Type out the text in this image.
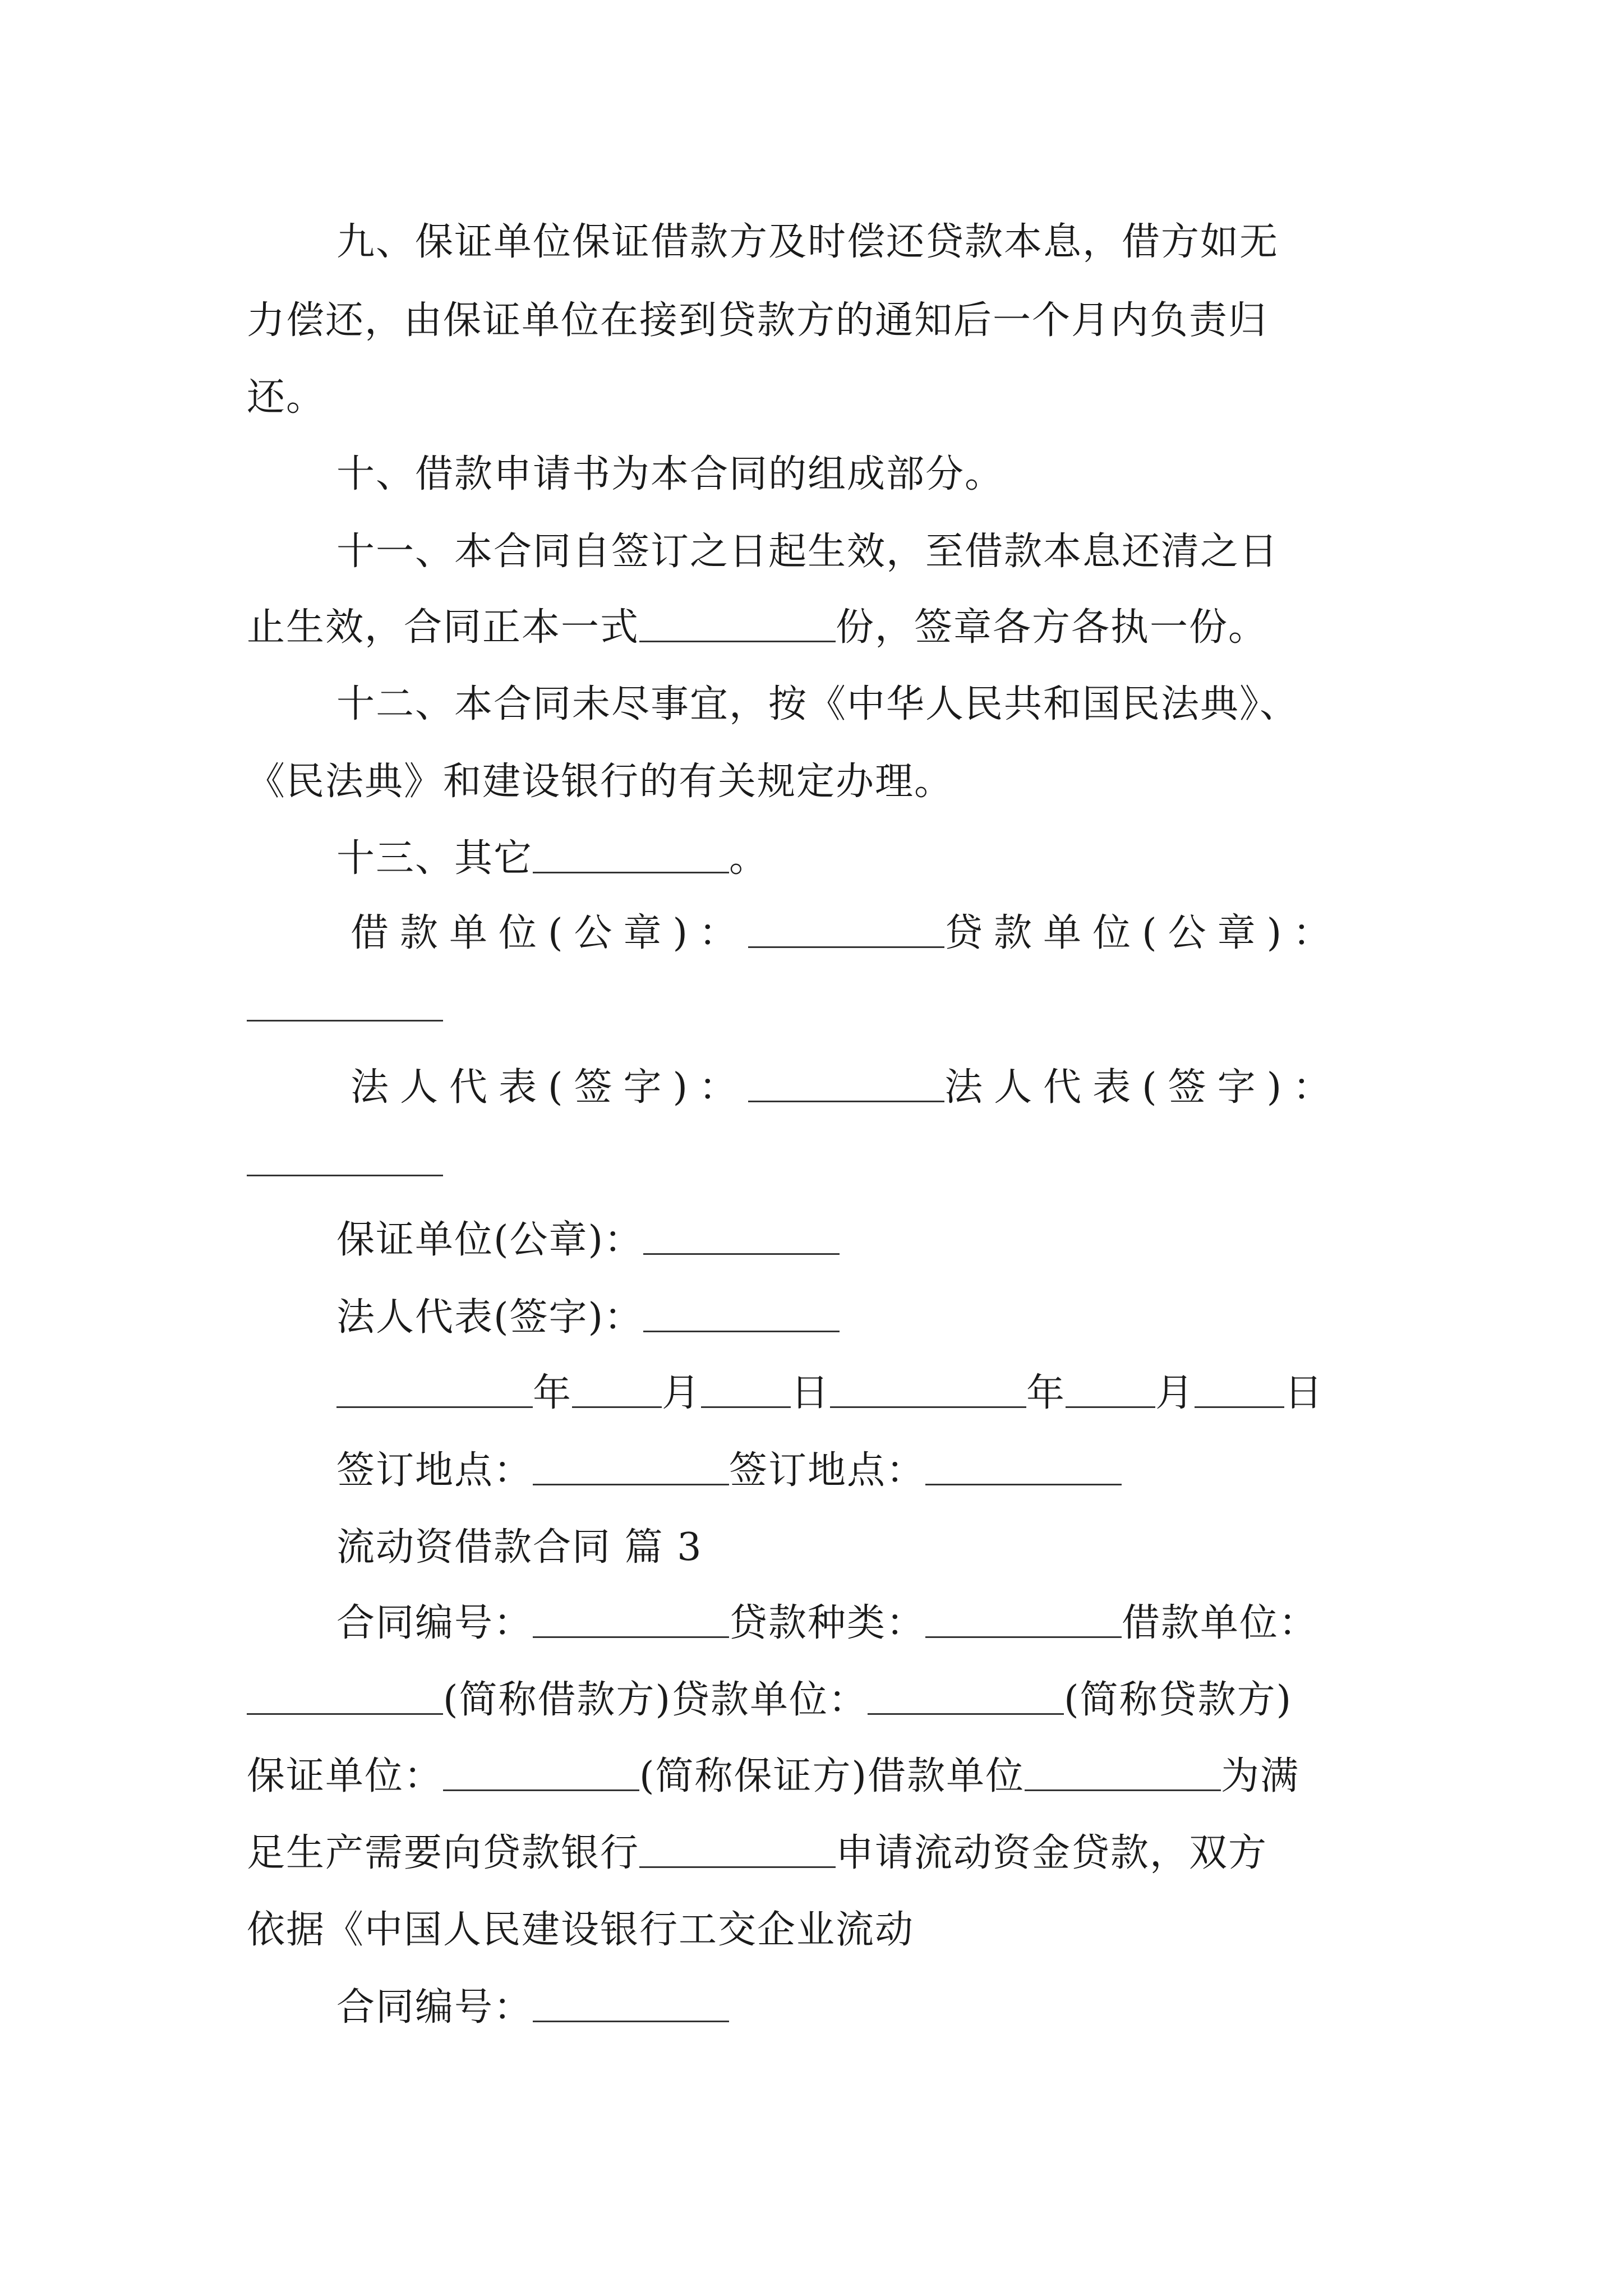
九、保证单位保证借款方及时偿还贷款本息，借方如无
力偿还，由保证单位在接到贷款方的通知后一个月内负责归
还。
十、借款申请书为本合同的组成部分。
十一、本合同自签订之日起生效，至借款本息还清之日
止生效，合同正本一式	份，签章各方各执一份。
十二、本合同未尽事宜，按《中华人民共和国民法典》、
《民法典》和建设银行的有关规定办理。
十三、其它	。
借款单位(公章)：	贷款单位(公章)：
法人代表(签字)：	法人代表(签字)：
保证单位(公章)：
法人代表(签字)：
年 月 日	年 月 日
签订地点：	签订地点：
流动资借款合同 篇 3
合同编号：	贷款种类：	借款单位：
(简称借款方)贷款单位：	(简称贷款方)
保证单位：	(简称保证方)借款单位	为满
足生产需要向贷款银行	申请流动资金贷款，双方
依据《中国人民建设银行工交企业流动
合同编号：
